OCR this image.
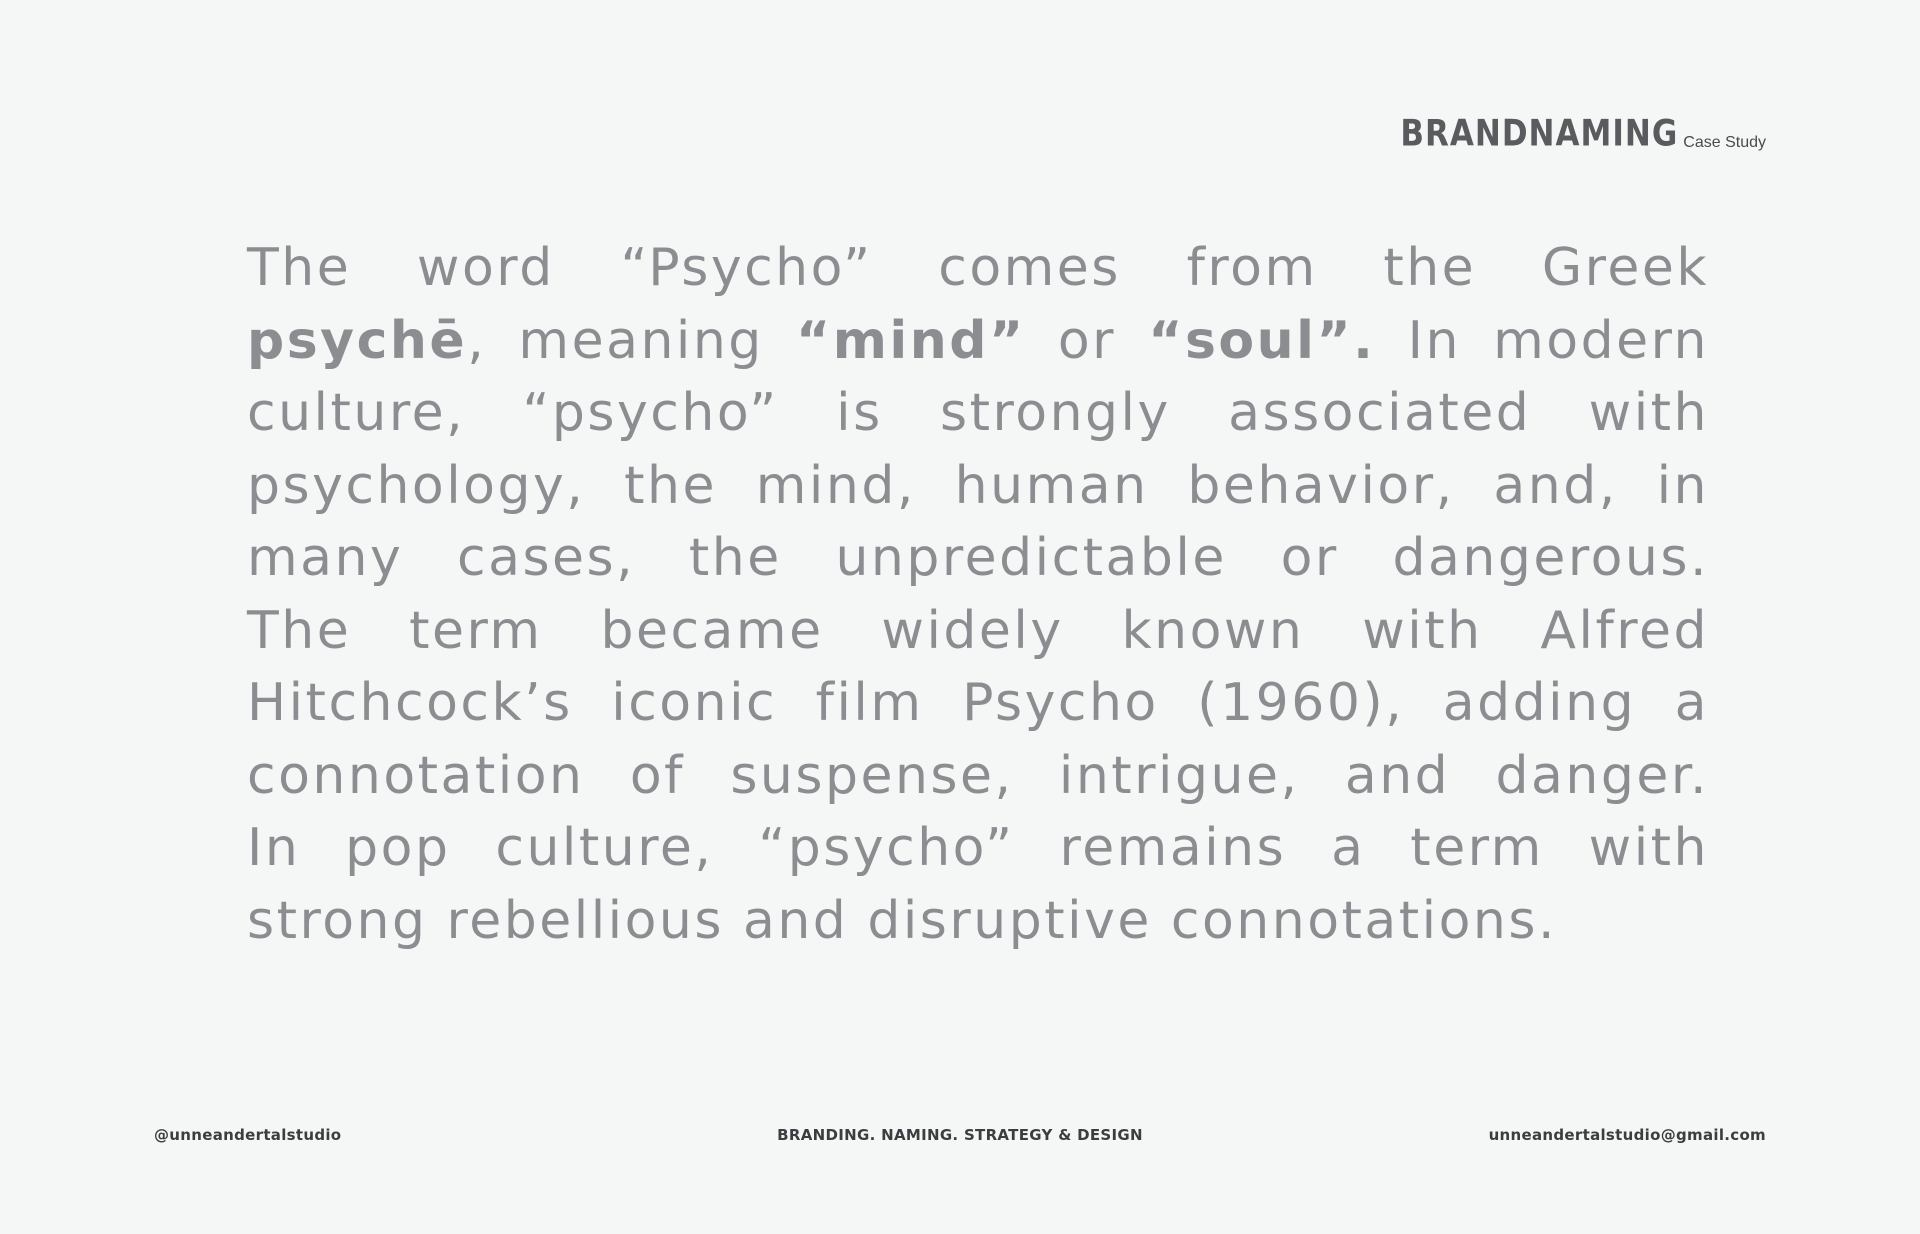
BRANDNAMING Case Study
The word “Psycho” comes from the Greek
psychē, meaning “mind” or “soul”. In modern
culture, “psycho” is strongly associated with
psychology, the mind, human behavior, and, in
many cases, the unpredictable or dangerous.
The term became widely known with Alfred
Hitchcock’s iconic film Psycho (1960), adding a
connotation of suspense, intrigue, and danger.
In pop culture, “psycho” remains a term with
strong rebellious and disruptive connotations.
@unneandertalstudio	BRANDING. NAMING. STRATEGY & DESIGN	unneandertalstudio@gmail.com
